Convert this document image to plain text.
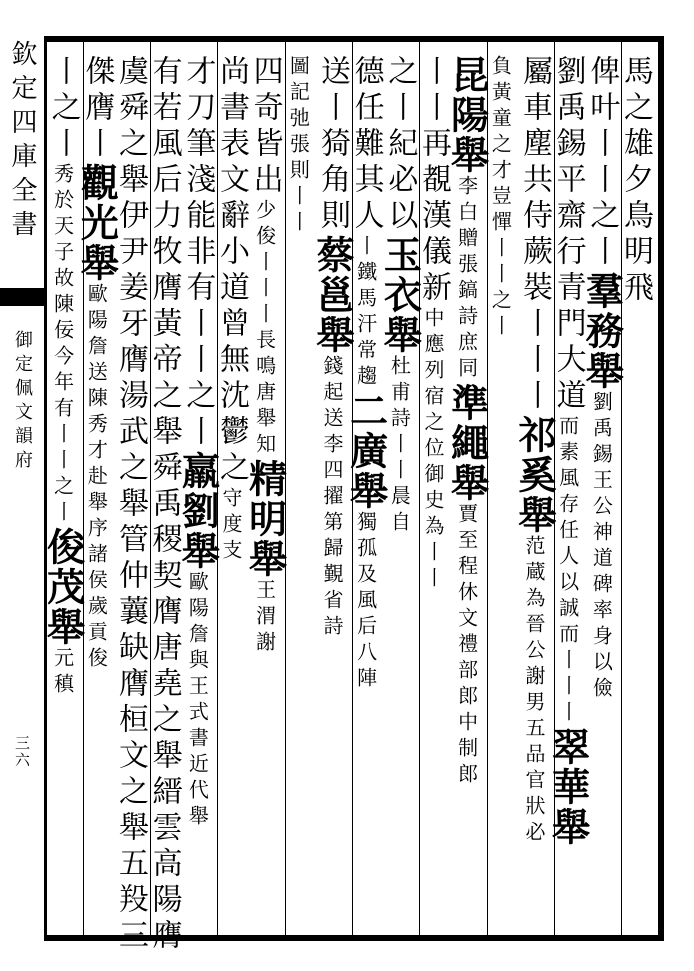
欽定四庫全書
御定佩文韻府
三六
馬之雄夕鳥明飛
俾叶丨丨之丨羣務舉劉禹錫王公神道碑率身以儉
劉禹錫平齋行青門大道而素風存任人以誠而丨丨丨翠華舉
屬車塵共侍蕨裝丨丨丨祁奚舉范蔵為晉公謝男五品官狀必
負黃童之才豈憚丨丨之丨
昆陽舉李白贈張鎬詩庶同準繩舉賈至程休文禮部郎中制郎
丨丨再覩漢儀新中應列宿之位御史為丨丨
之丨紀必以玉衣舉杜甫詩丨丨晨自
德任難其人丨鐵馬汗常趨二廣舉獨孤及風后八陣
送丨猗角則蔡邕舉錢起送李四擢第歸覲省詩
圖記弛張則丨丨
四奇皆出少俊丨丨丨長鳴唐舉知精明舉王渭謝
尚書表文辭小道曾無沈鬱之守度支
才刀筆淺能非有丨丨之丨羸劉舉歐陽詹與王式書近代舉
有若風后力牧膺黃帝之舉舜禹稷契膺唐堯之舉縉雲高陽膺
虞舜之舉伊尹姜牙膺湯武之舉管仲蘘缺膺桓文之舉五羖三
傑膺丨觀光舉歐陽詹送陳秀才赴舉序諸侯歲貢俊
丨之丨秀於天子故陳佞今年有丨丨之丨俊茂舉元稹
